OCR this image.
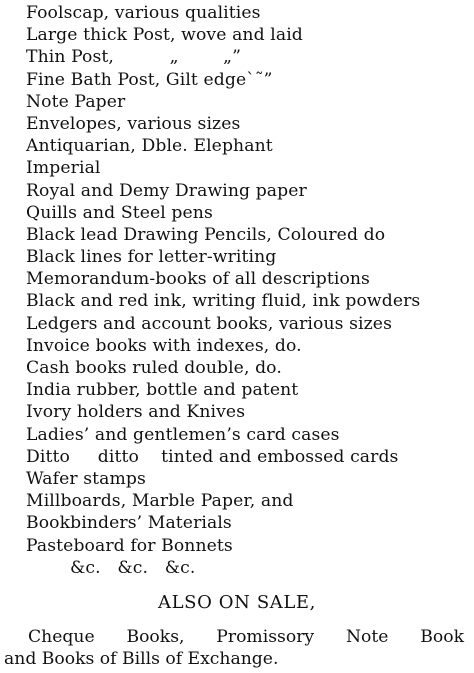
Foolscap, various qualities
Large thick Post, wove and laid
Thin Post,          „        „”
Fine Bath Post, Gilt edge`˜”
Note Paper
Envelopes, various sizes
Antiquarian, Dble. Elephant
Imperial
Royal and Demy Drawing paper
Quills and Steel pens
Black lead Drawing Pencils, Coloured do
Black lines for letter-writing
Memorandum-books of all descriptions
Black and red ink, writing fluid, ink powders
Ledgers and account books, various sizes
Invoice books with indexes, do.
Cash books ruled double, do.
India rubber, bottle and patent
Ivory holders and Knives
Ladies’ and gentlemen’s card cases
Ditto     ditto    tinted and embossed cards
Wafer stamps
Millboards, Marble Paper, and
Bookbinders’ Materials
Pasteboard for Bonnets
&c.   &c.   &c.
ALSO ON SALE,
Cheque Books, Promissory Note Book
and Books of Bills of Exchange.
